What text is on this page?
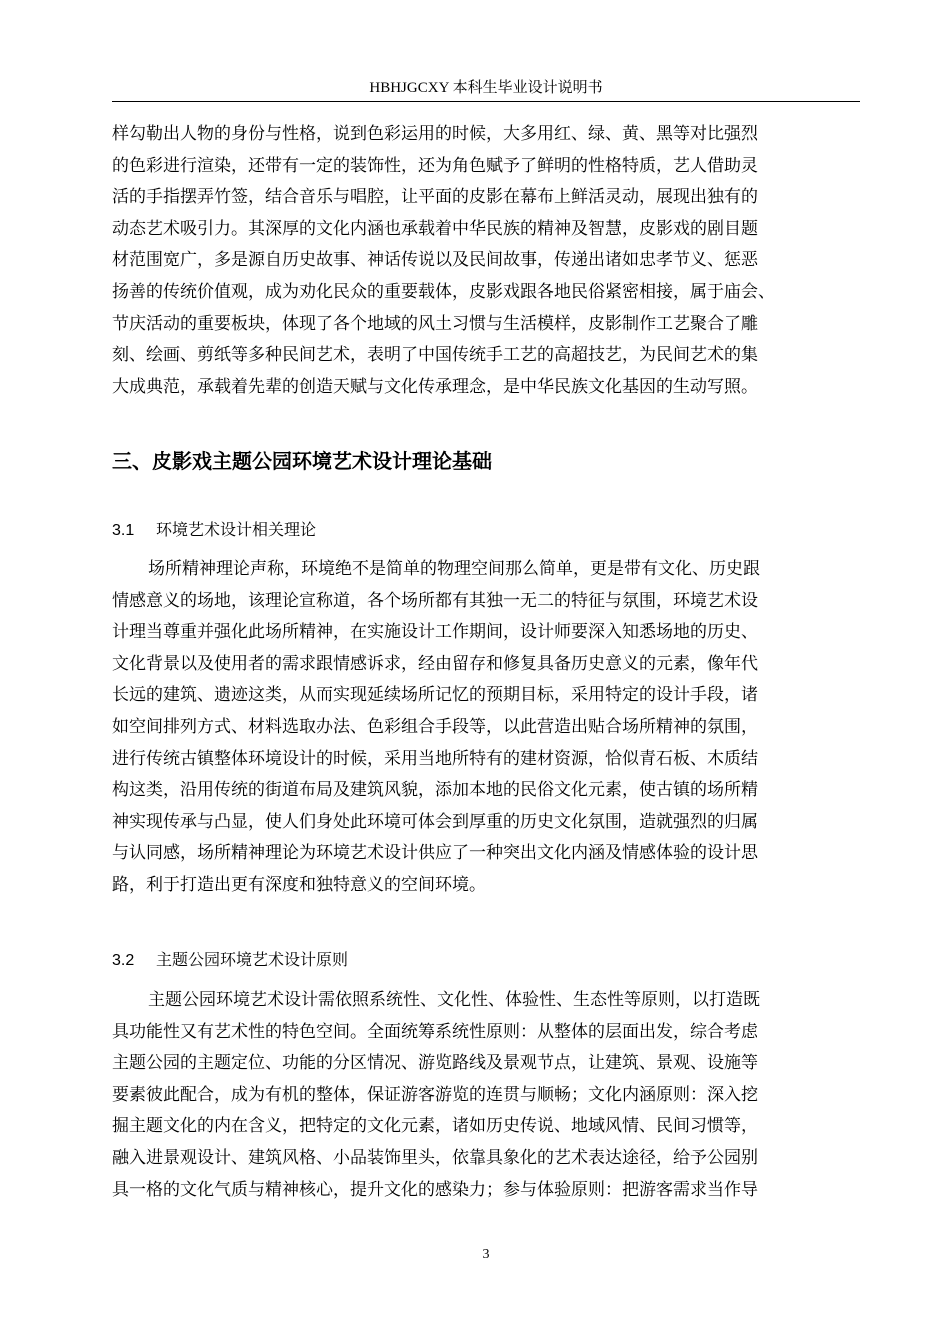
HBHJGCXY 本科生毕业设计说明书
样勾勒出人物的身份与性格，说到色彩运用的时候，大多用红、绿、黄、黑等对比强烈
的色彩进行渲染，还带有一定的装饰性，还为角色赋予了鲜明的性格特质，艺人借助灵
活的手指摆弄竹签，结合音乐与唱腔，让平面的皮影在幕布上鲜活灵动，展现出独有的
动态艺术吸引力。其深厚的文化内涵也承载着中华民族的精神及智慧，皮影戏的剧目题
材范围宽广，多是源自历史故事、神话传说以及民间故事，传递出诸如忠孝节义、惩恶
扬善的传统价值观，成为劝化民众的重要载体，皮影戏跟各地民俗紧密相接，属于庙会、
节庆活动的重要板块，体现了各个地域的风土习惯与生活模样，皮影制作工艺聚合了雕
刻、绘画、剪纸等多种民间艺术，表明了中国传统手工艺的高超技艺，为民间艺术的集
大成典范，承载着先辈的创造天赋与文化传承理念，是中华民族文化基因的生动写照。
三、皮影戏主题公园环境艺术设计理论基础
3.1 环境艺术设计相关理论
场所精神理论声称，环境绝不是简单的物理空间那么简单，更是带有文化、历史跟
情感意义的场地，该理论宣称道，各个场所都有其独一无二的特征与氛围，环境艺术设
计理当尊重并强化此场所精神，在实施设计工作期间，设计师要深入知悉场地的历史、
文化背景以及使用者的需求跟情感诉求，经由留存和修复具备历史意义的元素，像年代
长远的建筑、遗迹这类，从而实现延续场所记忆的预期目标，采用特定的设计手段，诸
如空间排列方式、材料选取办法、色彩组合手段等，以此营造出贴合场所精神的氛围，
进行传统古镇整体环境设计的时候，采用当地所特有的建材资源，恰似青石板、木质结
构这类，沿用传统的街道布局及建筑风貌，添加本地的民俗文化元素，使古镇的场所精
神实现传承与凸显，使人们身处此环境可体会到厚重的历史文化氛围，造就强烈的归属
与认同感，场所精神理论为环境艺术设计供应了一种突出文化内涵及情感体验的设计思
路，利于打造出更有深度和独特意义的空间环境。
3.2 主题公园环境艺术设计原则
主题公园环境艺术设计需依照系统性、文化性、体验性、生态性等原则，以打造既
具功能性又有艺术性的特色空间。全面统筹系统性原则：从整体的层面出发，综合考虑
主题公园的主题定位、功能的分区情况、游览路线及景观节点，让建筑、景观、设施等
要素彼此配合，成为有机的整体，保证游客游览的连贯与顺畅；文化内涵原则：深入挖
掘主题文化的内在含义，把特定的文化元素，诸如历史传说、地域风情、民间习惯等，
融入进景观设计、建筑风格、小品装饰里头，依靠具象化的艺术表达途径，给予公园别
具一格的文化气质与精神核心，提升文化的感染力；参与体验原则：把游客需求当作导
3
